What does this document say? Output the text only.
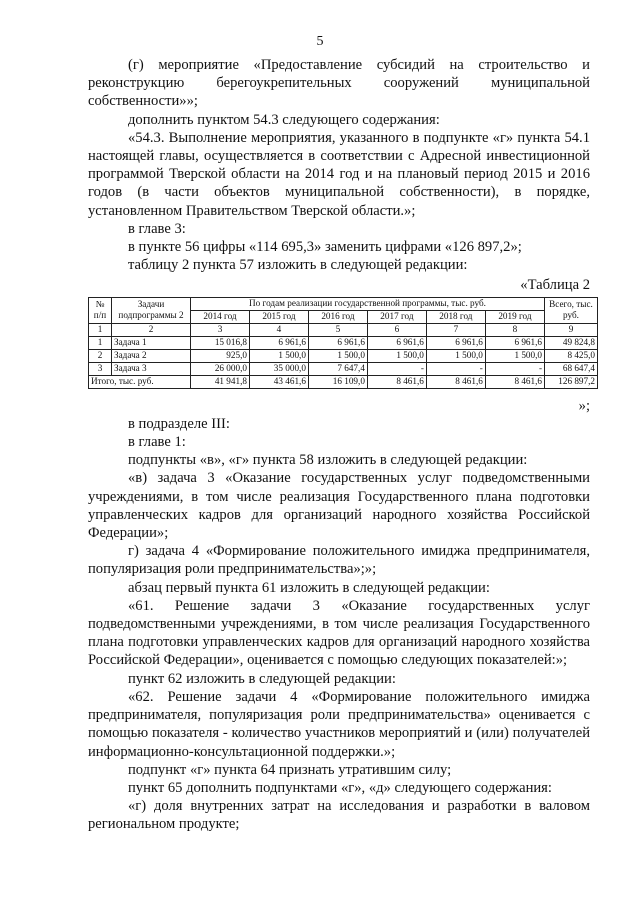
5

(г) мероприятие «Предоставление субсидий на строительство и реконструкцию берегоукрепительных сооружений муниципальной собственности»»;

дополнить пунктом 54.3 следующего содержания:

«54.3. Выполнение мероприятия, указанного в подпункте «г» пункта 54.1 настоящей главы, осуществляется в соответствии с Адресной инвестиционной программой Тверской области на 2014 год и на плановый период 2015 и 2016 годов (в части объектов муниципальной собственности), в порядке, установленном Правительством Тверской области.»;

в главе 3:

в пункте 56 цифры «114 695,3» заменить цифрами «126 897,2»;

таблицу 2 пункта 57 изложить в следующей редакции:

«Таблица 2

№ п/п	Задачи подпрограммы 2	По годам реализации государственной программы, тыс. руб.						Всего, тыс. руб.
		2014 год	2015 год	2016 год	2017 год	2018 год	2019 год	
1	2	3	4	5	6	7	8	9
1	Задача 1	15 016,8	6 961,6	6 961,6	6 961,6	6 961,6	6 961,6	49 824,8
2	Задача 2	925,0	1 500,0	1 500,0	1 500,0	1 500,0	1 500,0	8 425,0
3	Задача 3	26 000,0	35 000,0	7 647,4	-	-	-	68 647,4
Итого, тыс. руб.		41 941,8	43 461,6	16 109,0	8 461,6	8 461,6	8 461,6	126 897,2

»;

в подразделе III:

в главе 1:

подпункты «в», «г» пункта 58 изложить в следующей редакции:

«в) задача 3 «Оказание государственных услуг подведомственными учреждениями, в том числе реализация Государственного плана подготовки управленческих кадров для организаций народного хозяйства Российской Федерации»;

г) задача 4 «Формирование положительного имиджа предпринимателя, популяризация роли предпринимательства»;»;

абзац первый пункта 61 изложить в следующей редакции:

«61. Решение задачи 3 «Оказание государственных услуг подведомственными учреждениями, в том числе реализация Государственного плана подготовки управленческих кадров для организаций народного хозяйства Российской Федерации», оценивается с помощью следующих показателей:»;

пункт 62 изложить в следующей редакции:

«62. Решение задачи 4 «Формирование положительного имиджа предпринимателя, популяризация роли предпринимательства» оценивается с помощью показателя - количество участников мероприятий и (или) получателей информационно-консультационной поддержки.»;

подпункт «г» пункта 64 признать утратившим силу;

пункт 65 дополнить подпунктами «г», «д» следующего содержания:

«г) доля внутренних затрат на исследования и разработки в валовом региональном продукте;
